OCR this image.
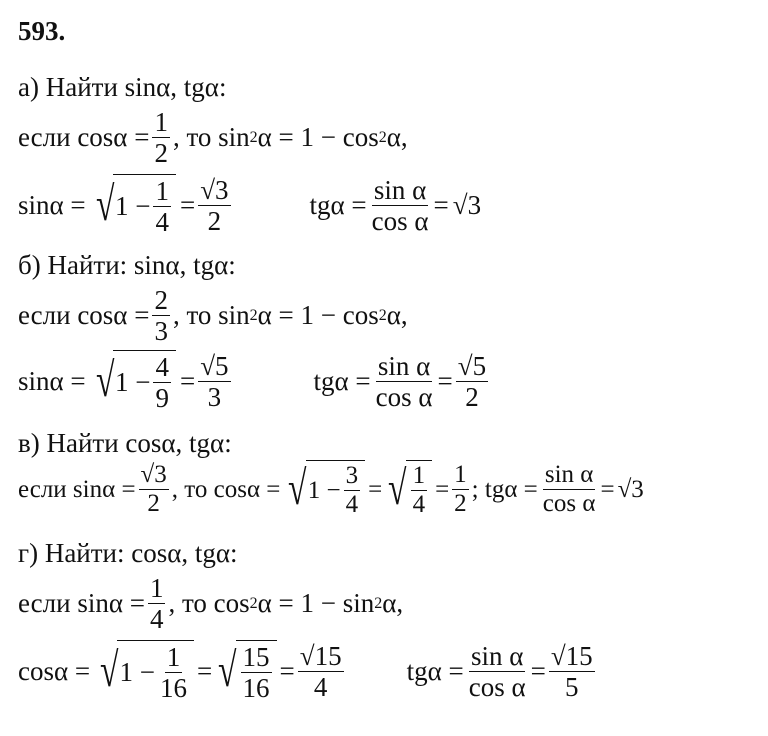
593.
а) Найти sinα, tgα:
если $\cos\alpha = \frac{1}{2}$ , то sin 2 α = 1 − cos 2 α,
sinα = √ $1 - \frac{1}{4} = \frac{√3}{2}$	$tg\alpha = \frac{\text{sin α}}{\text{cos α}} = √3$
б) Найти: sinα, tgα:
если $\cos\alpha = \frac{2}{3}$ , то sin 2 α = 1 − cos 2 α,
sinα = √ $1 - \frac{4}{9} = \frac{√5}{3}$	$tg\alpha = \frac{\text{sin α}}{\text{cos α}} = \frac{√5}{2}$
в) Найти cosα, tgα:
если $\sin\alpha = \frac{√3}{2}$ , то cosα = √ $1 - \frac{3}{4}$ = √ $\frac{1}{4} = \frac{1}{2}$ ; $tg\alpha = \frac{\text{sin α}}{\text{cos α}} = √3$
г) Найти: cosα, tgα:
если $\sin\alpha = \frac{1}{4}$ , то cos 2 α = 1 − sin 2 α,
cosα = √ $1 - \frac{1}{16}$ = √ $\frac{15}{16} = \frac{√15}{4}$ $tg\alpha = \frac{\text{sin α}}{\text{cos α}} = \frac{√15}{5}$
